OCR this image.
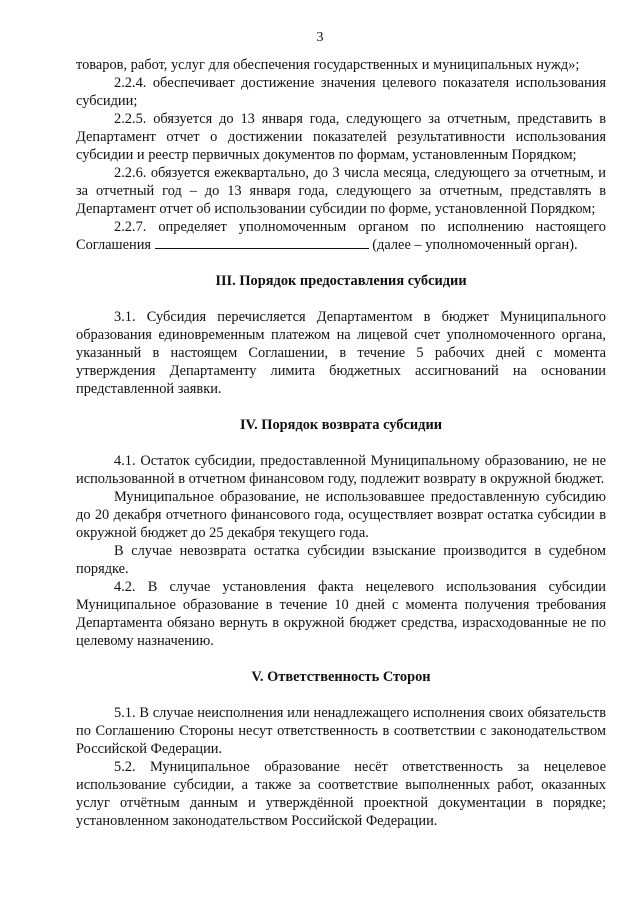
3

товаров, работ, услуг для обеспечения государственных и муниципальных нужд»;

2.2.4. обеспечивает достижение значения целевого показателя использования субсидии;

2.2.5. обязуется до 13 января года, следующего за отчетным, представить в Департамент отчет о достижении показателей результативности использования субсидии и реестр первичных документов по формам, установленным Порядком;

2.2.6. обязуется ежеквартально, до 3 числа месяца, следующего за отчетным, и за отчетный год – до 13 января года, следующего за отчетным, представлять в Департамент отчет об использовании субсидии по форме, установленной Порядком;

2.2.7. определяет уполномоченным органом по исполнению настоящего Соглашения	(далее – уполномоченный орган).

III. Порядок предоставления субсидии

3.1. Субсидия перечисляется Департаментом в бюджет Муниципального образования единовременным платежом на лицевой счет уполномоченного органа, указанный в настоящем Соглашении, в течение 5 рабочих дней с момента утверждения Департаменту лимита бюджетных ассигнований на основании представленной заявки.

IV. Порядок возврата субсидии

4.1. Остаток субсидии, предоставленной Муниципальному образованию, не не использованной в отчетном финансовом году, подлежит возврату в окружной бюджет.

Муниципальное образование, не использовавшее предоставленную субсидию до 20 декабря отчетного финансового года, осуществляет возврат остатка субсидии в окружной бюджет до 25 декабря текущего года.

В случае невозврата остатка субсидии взыскание производится в судебном порядке.

4.2. В случае установления факта нецелевого использования субсидии Муниципальное образование в течение 10 дней с момента получения требования Департамента обязано вернуть в окружной бюджет средства, израсходованные не по целевому назначению.

V. Ответственность Сторон

5.1. В случае неисполнения или ненадлежащего исполнения своих обязательств по Соглашению Стороны несут ответственность в соответствии с законодательством Российской Федерации.

5.2. Муниципальное образование несёт ответственность за нецелевое использование субсидии, а также за соответствие выполненных работ, оказанных услуг отчётным данным и утверждённой проектной документации в порядке; установленном законодательством Российской Федерации.
